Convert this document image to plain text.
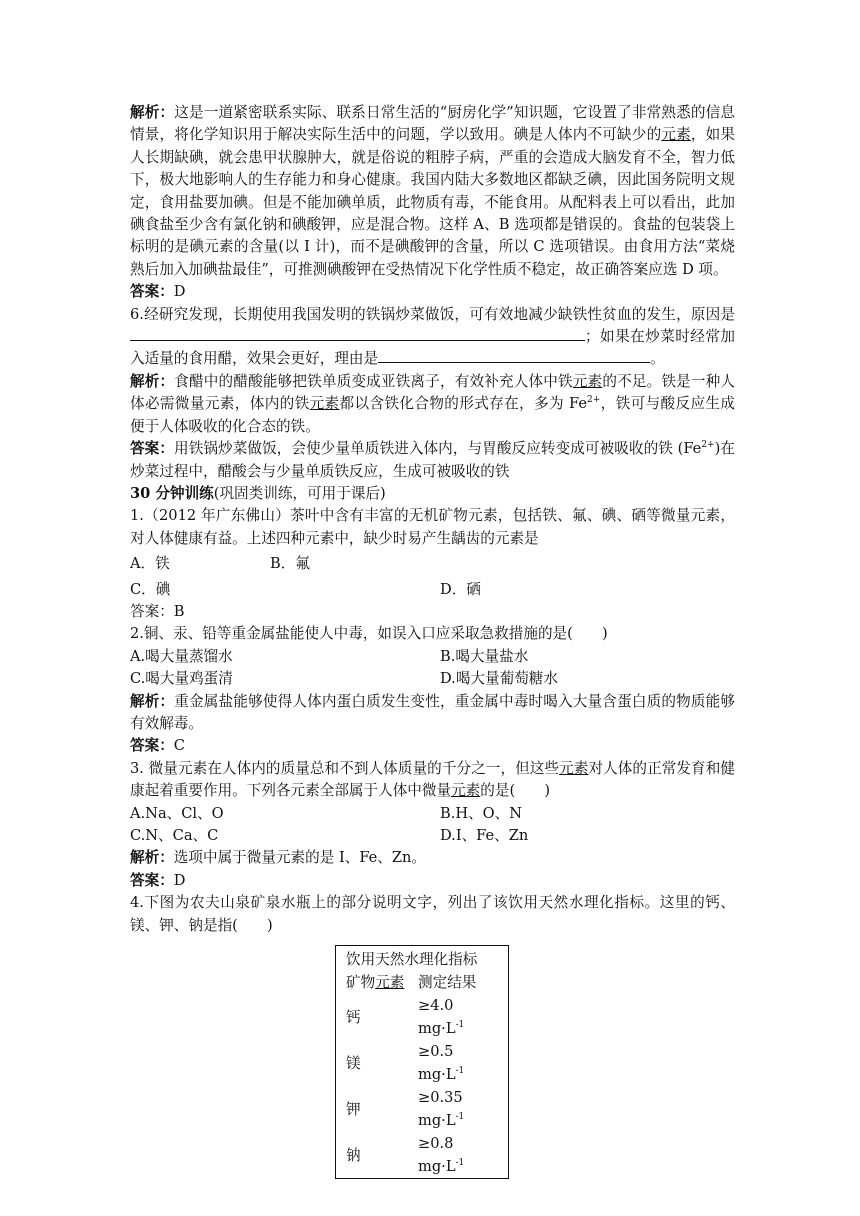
解析：这是一道紧密联系实际、联系日常生活的“厨房化学”知识题，它设置了非常熟悉的信息情景，将化学知识用于解决实际生活中的问题，学以致用。碘是人体内不可缺少的元素，如果人长期缺碘，就会患甲状腺肿大，就是俗说的粗脖子病，严重的会造成大脑发育不全，智力低下，极大地影响人的生存能力和身心健康。我国内陆大多数地区都缺乏碘，因此国务院明文规定，食用盐要加碘。但是不能加碘单质，此物质有毒，不能食用。从配料表上可以看出，此加碘食盐至少含有氯化钠和碘酸钾，应是混合物。这样 A、B 选项都是错误的。食盐的包装袋上标明的是碘元素的含量(以 I 计)，而不是碘酸钾的含量，所以 C 选项错误。由食用方法“菜烧熟后加入加碘盐最佳”，可推测碘酸钾在受热情况下化学性质不稳定，故正确答案应选 D 项。

答案：D

6.经研究发现，长期使用我国发明的铁锅炒菜做饭，可有效地减少缺铁性贫血的发生，原因是；如果在炒菜时经常加入适量的食用醋，效果会更好，理由是	。

解析：食醋中的醋酸能够把铁单质变成亚铁离子，有效补充人体中铁元素的不足。铁是一种人体必需微量元素，体内的铁元素都以含铁化合物的形式存在，多为 $Fe^{2+}$，铁可与酸反应生成便于人体吸收的化合态的铁。

答案：用铁锅炒菜做饭，会使少量单质铁进入体内，与胃酸反应转变成可被吸收的铁 $(Fe^{2+})$在炒菜过程中，醋酸会与少量单质铁反应，生成可被吸收的铁

30 分钟训练(巩固类训练，可用于课后)

1.（2012 年广东佛山）茶叶中含有丰富的无机矿物元素，包括铁、氟、碘、硒等微量元素，对人体健康有益。上述四种元素中，缺少时易产生龋齿的元素是

A．铁	B．氟
C．碘	D．硒

答案：B

2.铜、汞、铅等重金属盐能使人中毒，如误入口应采取急救措施的是(　　)

A.喝大量蒸馏水	B.喝大量盐水
C.喝大量鸡蛋清	D.喝大量葡萄糖水

解析：重金属盐能够使得人体内蛋白质发生变性，重金属中毒时喝入大量含蛋白质的物质能够有效解毒。

答案：C

3. 微量元素在人体内的质量总和不到人体质量的千分之一，但这些元素对人体的正常发育和健康起着重要作用。下列各元素全部属于人体中微量元素的是(　　)

A.Na、Cl、O	B.H、O、N
C.N、Ca、C	D.I、Fe、Zn

解析：选项中属于微量元素的是 I、Fe、Zn。

答案：D

4.下图为农夫山泉矿泉水瓶上的部分说明文字，列出了该饮用天然水理化指标。这里的钙、镁、钾、钠是指(　　)

饮用天然水理化指标	
矿物元素	测定结果
钙	≥4.0 $mg\cdot L^{-1}$
镁	≥0.5 $mg\cdot L^{-1}$
钾	≥0.35 $mg\cdot L^{-1}$
钠	≥0.8 $mg\cdot L^{-1}$
